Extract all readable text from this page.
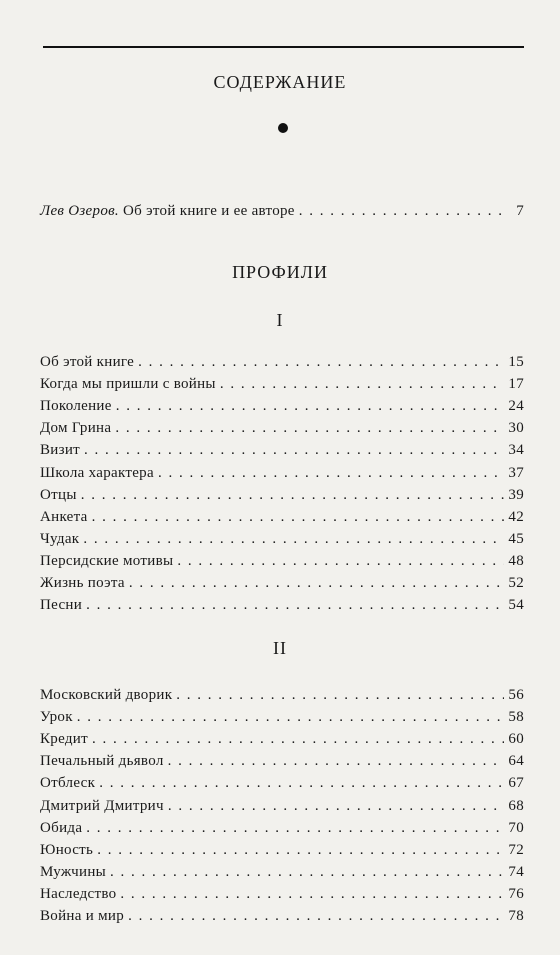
СОДЕРЖАНИЕ
Лев Озеров. Об этой книге и ее авторе . . .	7
ПРОФИЛИ
I
Об этой книге . . .	15
Когда мы пришли с войны . . .	17
Поколение . . .	24
Дом Грина . . .	30
Визит . . .	34
Школа характера . . .	37
Отцы . . .	39
Анкета . . .	42
Чудак . . .	45
Персидские мотивы . . .	48
Жизнь поэта . . .	52
Песни . . .	54
II
Московский дворик . . .	56
Урок . . .	58
Кредит . . .	60
Печальный дьявол . . .	64
Отблеск . . .	67
Дмитрий Дмитрич . . .	68
Обида . . .	70
Юность . . .	72
Мужчины . . .	74
Наследство . . .	76
Война и мир . . .	78
